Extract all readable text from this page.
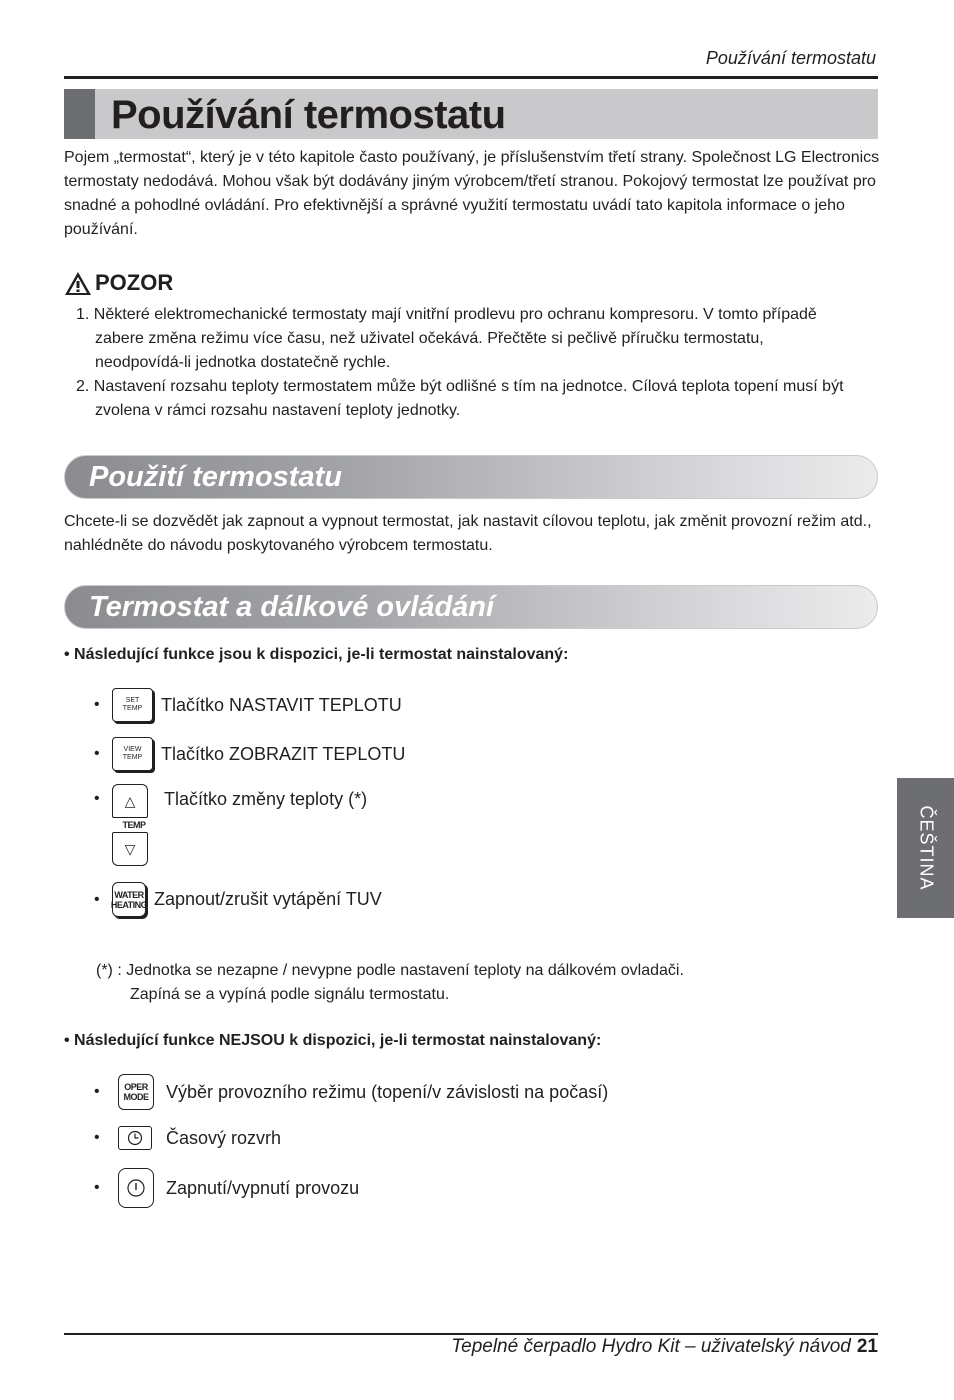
Používání termostatu
Používání termostatu

Pojem „termostat“, který je v této kapitole často používaný, je příslušenstvím třetí strany. Společnost LG Electronics termostaty nedodává. Mohou však být dodávány jiným výrobcem/třetí stranou. Pokojový termostat lze používat pro snadné a pohodlné ovládání. Pro efektivnější a správné využití termostatu uvádí tato kapitola informace o jeho používání.

POZOR
1. Některé elektromechanické termostaty mají vnitřní prodlevu pro ochranu kompresoru. V tomto případě zabere změna režimu více času, než uživatel očekává. Přečtěte si pečlivě příručku termostatu, neodpovídá-li jednotka dostatečně rychle.
2. Nastavení rozsahu teploty termostatem může být odlišné s tím na jednotce. Cílová teplota topení musí být zvolena v rámci rozsahu nastavení teploty jednotky.
Použití termostatu

Chcete-li se dozvědět jak zapnout a vypnout termostat, jak nastavit cílovou teplotu, jak změnit provozní režim atd., nahlédněte do návodu poskytovaného výrobcem termostatu.

Termostat a dálkové ovládání
• Následující funkce jsou k dispozici, je-li termostat nainstalovaný:
•	SET
TEMP Tlačítko NASTAVIT TEPLOTU
•	VIEW
TEMP Tlačítko ZOBRAZIT TEPLOTU
•	△
TEMP
▽
Tlačítko změny teploty (*)
•	WATER
HEATING Zapnout/zrušit vytápění TUV
(*) : Jednotka se nezapne / nevypne podle nastavení teploty na dálkovém ovladači.
Zapíná se a vypíná podle signálu termostatu.
• Následující funkce NEJSOU k dispozici, je-li termostat nainstalovaný:
•	OPER
MODE Výběr provozního režimu (topení/v závislosti na počasí)
•	Časový rozvrh
•	Zapnutí/vypnutí provozu
ČEŠTINA
Tepelné čerpadlo Hydro Kit – uživatelský návod 21
